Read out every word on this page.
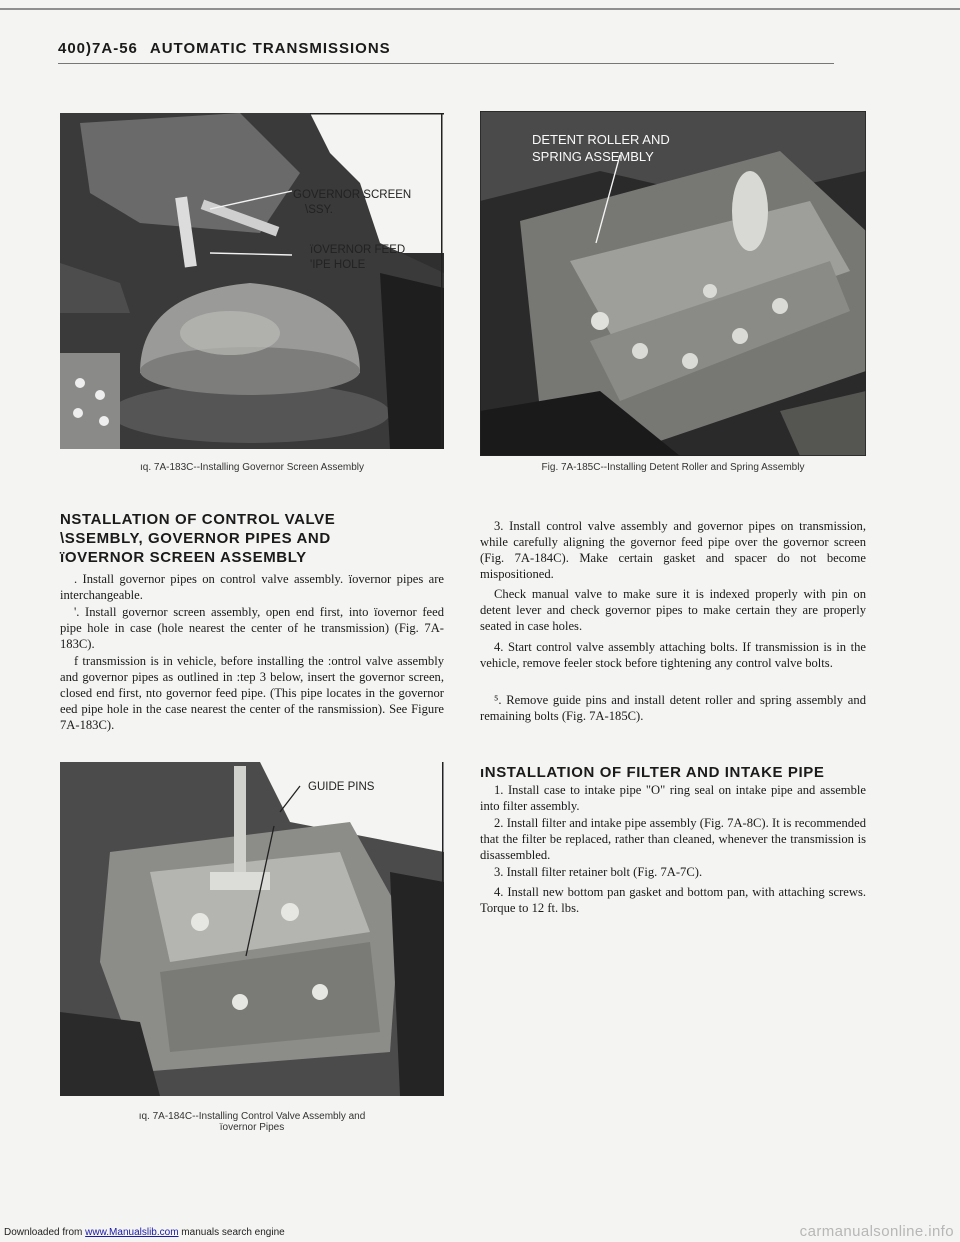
400)7A-56 AUTOMATIC TRANSMISSIONS
GOVERNOR SCREEN
\SSY.
їOVERNOR FEED
'IPE HOLE
ıq. 7A-183C--Installing Governor Screen Assembly
DETENT ROLLER AND
SPRING ASSEMBLY
Fig. 7A-185C--Installing Detent Roller and Spring Assembly
NSTALLATION OF CONTROL VALVE
\SSEMBLY, GOVERNOR PIPES AND
їOVERNOR SCREEN ASSEMBLY

. Install governor pipes on control valve assembly. їovernor pipes are interchangeable.

'. Install governor screen assembly, open end first, into їovernor feed pipe hole in case (hole nearest the center of he transmission) (Fig. 7A-183C).

f transmission is in vehicle, before installing the :ontrol valve assembly and governor pipes as outlined in :tep 3 below, insert the governor screen, closed end first, nto governor feed pipe. (This pipe locates in the governor eed pipe hole in the case nearest the center of the ransmission). See Figure 7A-183C).

GUIDE PINS
ıq. 7A-184C--Installing Control Valve Assembly and
їovernor Pipes

3. Install control valve assembly and governor pipes on transmission, while carefully aligning the governor feed pipe over the governor screen (Fig. 7A-184C). Make certain gasket and spacer do not become mispositioned.

Check manual valve to make sure it is indexed properly with pin on detent lever and check governor pipes to make certain they are properly seated in case holes.

4. Start control valve assembly attaching bolts. If transmission is in the vehicle, remove feeler stock before tightening any control valve bolts.

⁵. Remove guide pins and install detent roller and ѕpring assembly and remaining bolts (Fig. 7A-185C).

ıNSTALLATION OF FILTER AND INTAKE PIPE

1. Install case to intake pipe "O" ring seal on intake pipe and assemble into filter assembly.

2. Install filter and intake pipe assembly (Fig. 7A-8C). It is recommended that the filter be replaced, rather than cleaned, whenever the transmission is disassembled.

3. Install filter retainer bolt (Fig. 7A-7C).

4. Install new bottom pan gasket and bottom pan, with attaching screws. Torque to 12 ft. lbs.

Downloaded from www.Manualslib.com manuals search engine	carmanualsonline.info
